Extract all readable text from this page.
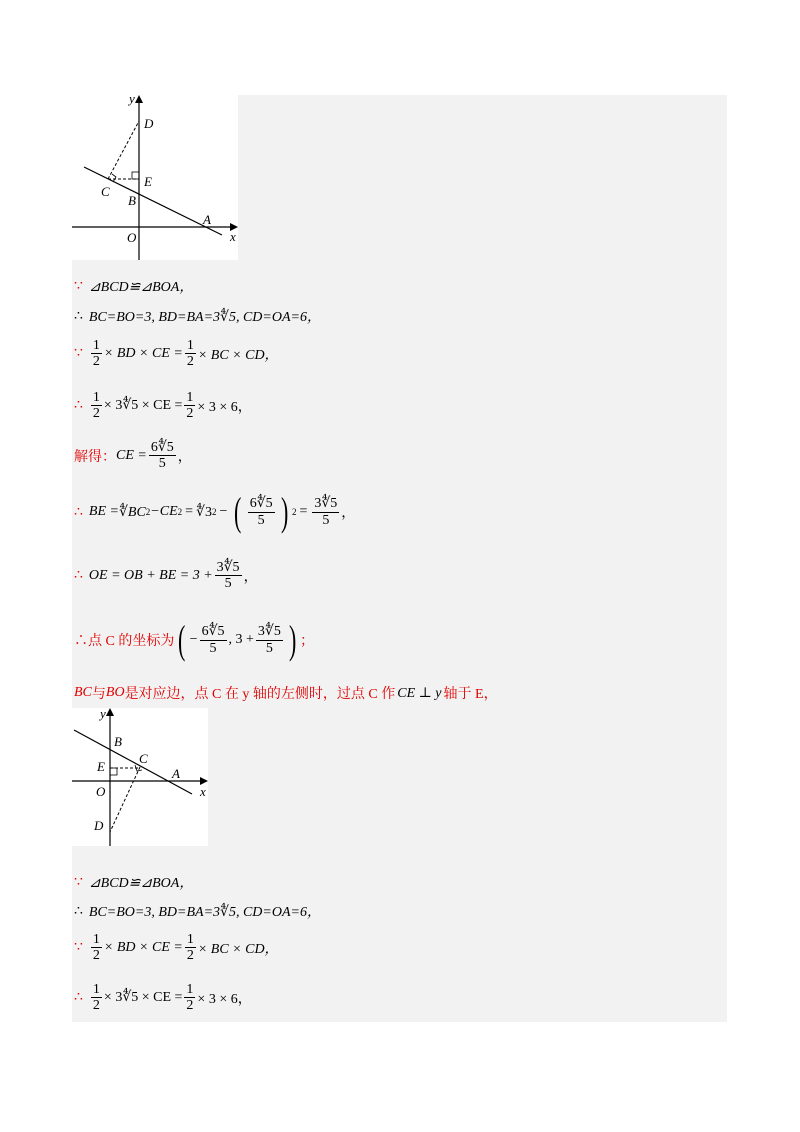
y
D
C
E
B
A
O	x
∵ ⊿BCD≌⊿BOA，
∴ BC=BO=3, BD=BA=3∜5, CD=OA=6，
∵ $\frac{1}{2}$ × BD × CE = $\frac{1}{2}$ × BC × CD，
∴ $\frac{1}{2}$ × 3∜5 × CE = $\frac{1}{2} \times 3 \times 6$，
解得： CE = $\frac{6∜5}{5}$ ，
∴ BE = ∜BC 2 −CE 2 = ∜3 2 − ( $\frac{6∜5}{5}$ ) $2 = \frac{3∜5}{5}$ ，
∴ OE = OB + BE = $3 + \frac{3∜5}{5}$ ，
∴点 C 的坐标为 ( − $\frac{6∜5}{5}$ , $3 + \frac{3∜5}{5}$ ) ；
BC 与 BO 是对应边，点 C 在 y 轴的左侧时，过点 C 作 CE ⊥ y 轴于 E，
y
B
C
E	A
O	x
D
∵ ⊿BCD≌⊿BOA，
∴ BC=BO=3, BD=BA=3∜5, CD=OA=6，
∵ $\frac{1}{2}$ × BD × CE = $\frac{1}{2}$ × BC × CD，
∴ $\frac{1}{2}$ × 3∜5 × CE = $\frac{1}{2} \times 3 \times 6$，
